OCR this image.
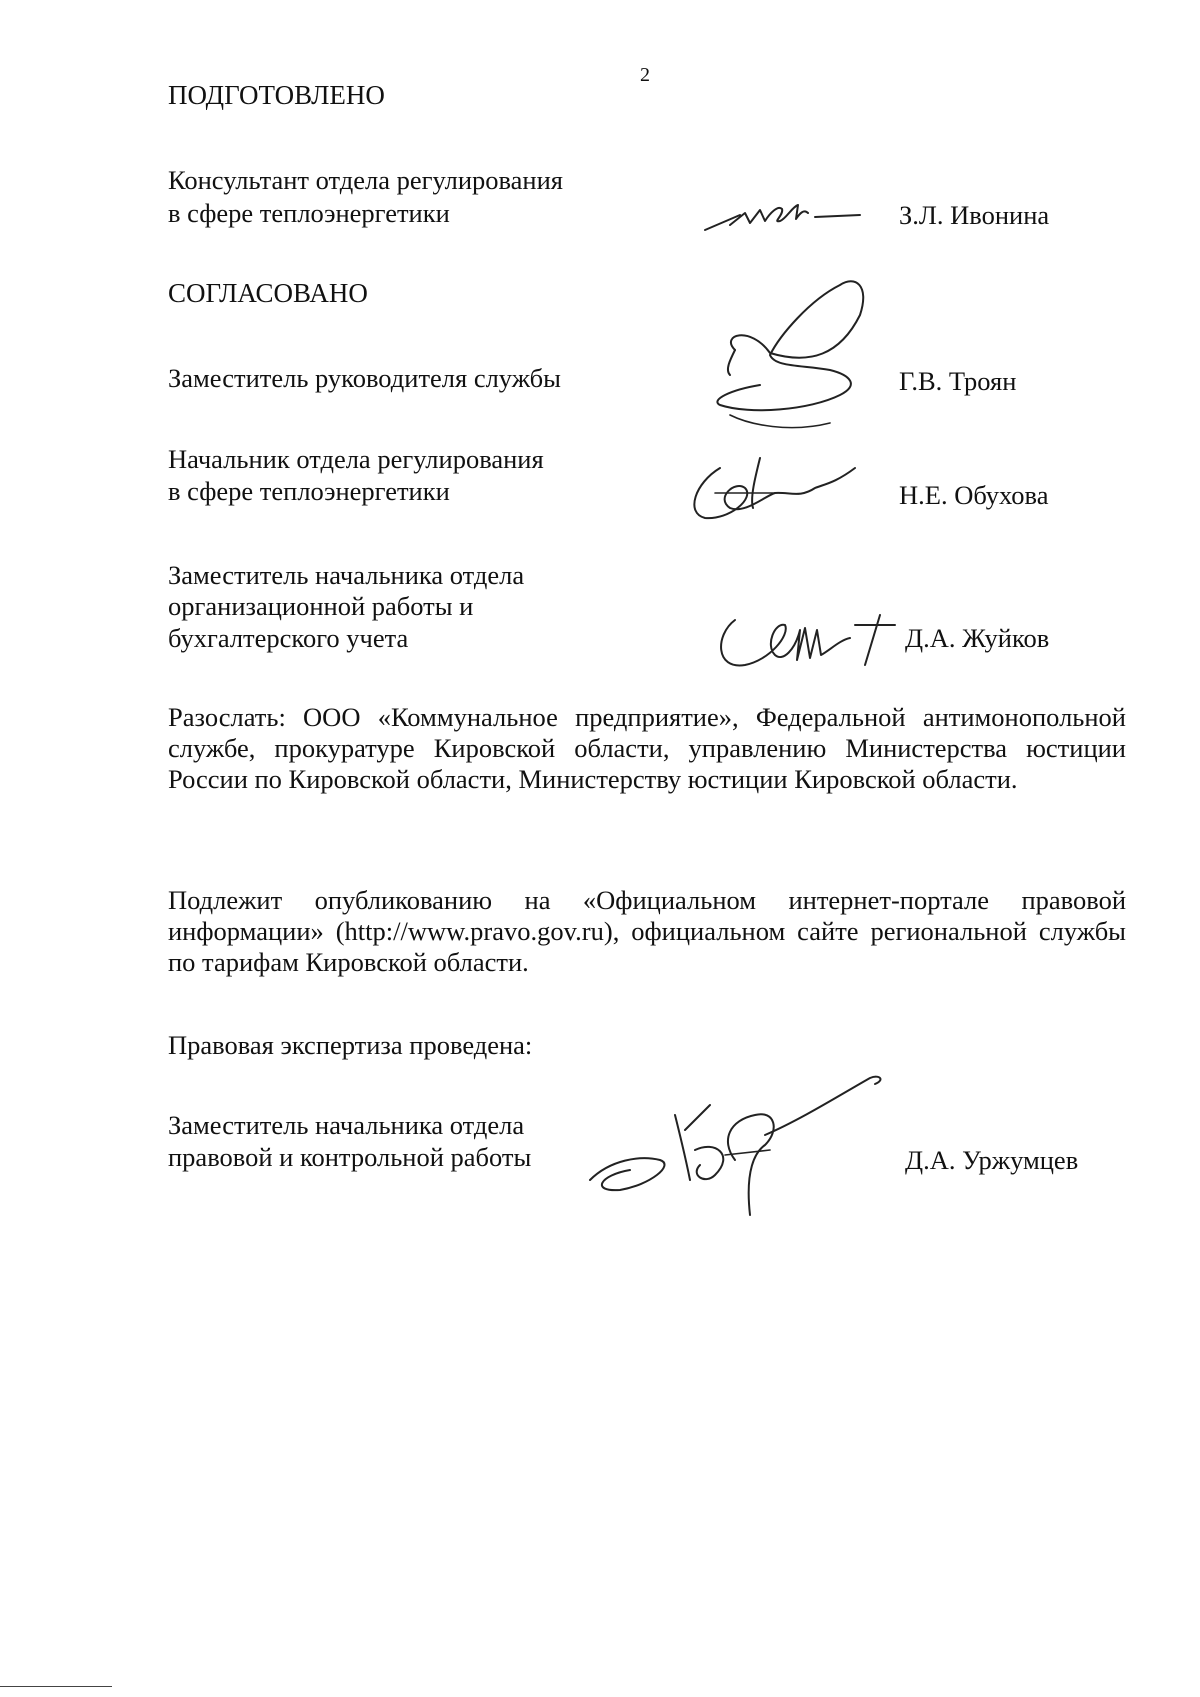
2
ПОДГОТОВЛЕНО
Консультант отдела регулирования
в сфере теплоэнергетики	З.Л. Ивонина
СОГЛАСОВАНО
Заместитель руководителя службы	Г.В. Троян
Начальник отдела регулирования
в сфере теплоэнергетики	Н.Е. Обухова
Заместитель начальника отдела
организационной работы и
бухгалтерского учета	Д.А. Жуйков
Разослать: ООО «Коммунальное предприятие», Федеральной антимонопольной службе, прокуратуре Кировской области, управлению Министерства юстиции России по Кировской области, Министерству юстиции Кировской области.
Подлежит опубликованию на «Официальном интернет-портале правовой информации» (http://www.pravo.gov.ru), официальном сайте региональной службы по тарифам Кировской области.
Правовая экспертиза проведена:
Заместитель начальника отдела
правовой и контрольной работы	Д.А. Уржумцев
